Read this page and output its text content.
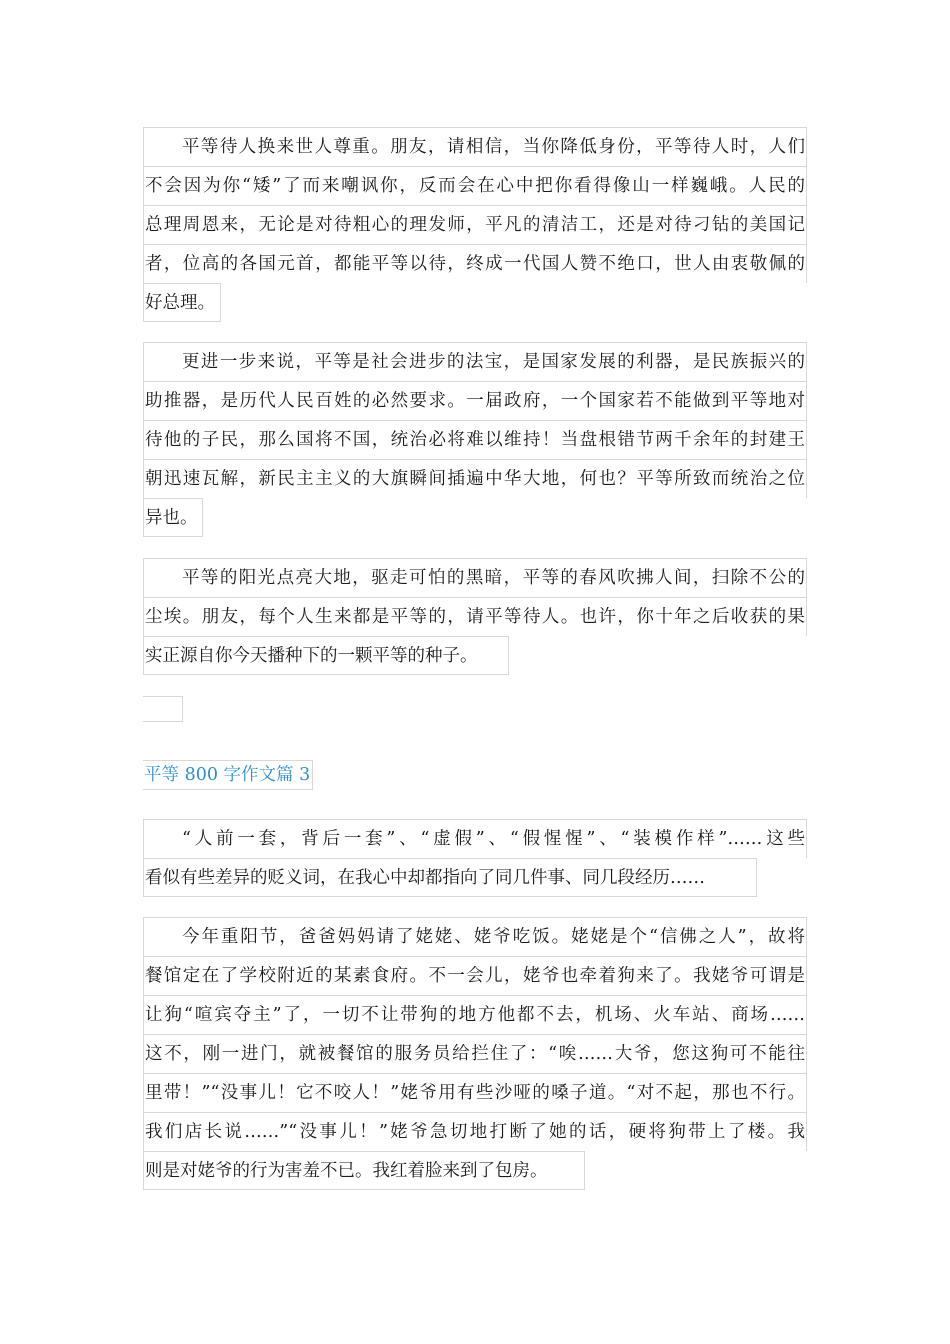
平等待人换来世人尊重。朋友，请相信，当你降低身份，平等待人时，人们
不会因为你“矮”了而来嘲讽你，反而会在心中把你看得像山一样巍峨。人民的
总理周恩来，无论是对待粗心的理发师，平凡的清洁工，还是对待刁钻的美国记
者，位高的各国元首，都能平等以待，终成一代国人赞不绝口，世人由衷敬佩的
好总理。
更进一步来说，平等是社会进步的法宝，是国家发展的利器，是民族振兴的
助推器，是历代人民百姓的必然要求。一届政府，一个国家若不能做到平等地对
待他的子民，那么国将不国，统治必将难以维持！当盘根错节两千余年的封建王
朝迅速瓦解，新民主主义的大旗瞬间插遍中华大地，何也？平等所致而统治之位
异也。
平等的阳光点亮大地，驱走可怕的黑暗，平等的春风吹拂人间，扫除不公的
尘埃。朋友，每个人生来都是平等的，请平等待人。也许，你十年之后收获的果
实正源自你今天播种下的一颗平等的种子。
平等 800 字作文篇 3
“人前一套，背后一套”、“虚假”、“假惺惺”、“装模作样”……这些
看似有些差异的贬义词，在我心中却都指向了同几件事、同几段经历……
今年重阳节，爸爸妈妈请了姥姥、姥爷吃饭。姥姥是个“信佛之人”，故将
餐馆定在了学校附近的某素食府。不一会儿，姥爷也牵着狗来了。我姥爷可谓是
让狗“喧宾夺主”了，一切不让带狗的地方他都不去，机场、火车站、商场……
这不，刚一进门，就被餐馆的服务员给拦住了：“唉……大爷，您这狗可不能往
里带！”“没事儿！它不咬人！”姥爷用有些沙哑的嗓子道。“对不起，那也不行。
我们店长说……”“没事儿！”姥爷急切地打断了她的话，硬将狗带上了楼。我
则是对姥爷的行为害羞不已。我红着脸来到了包房。
